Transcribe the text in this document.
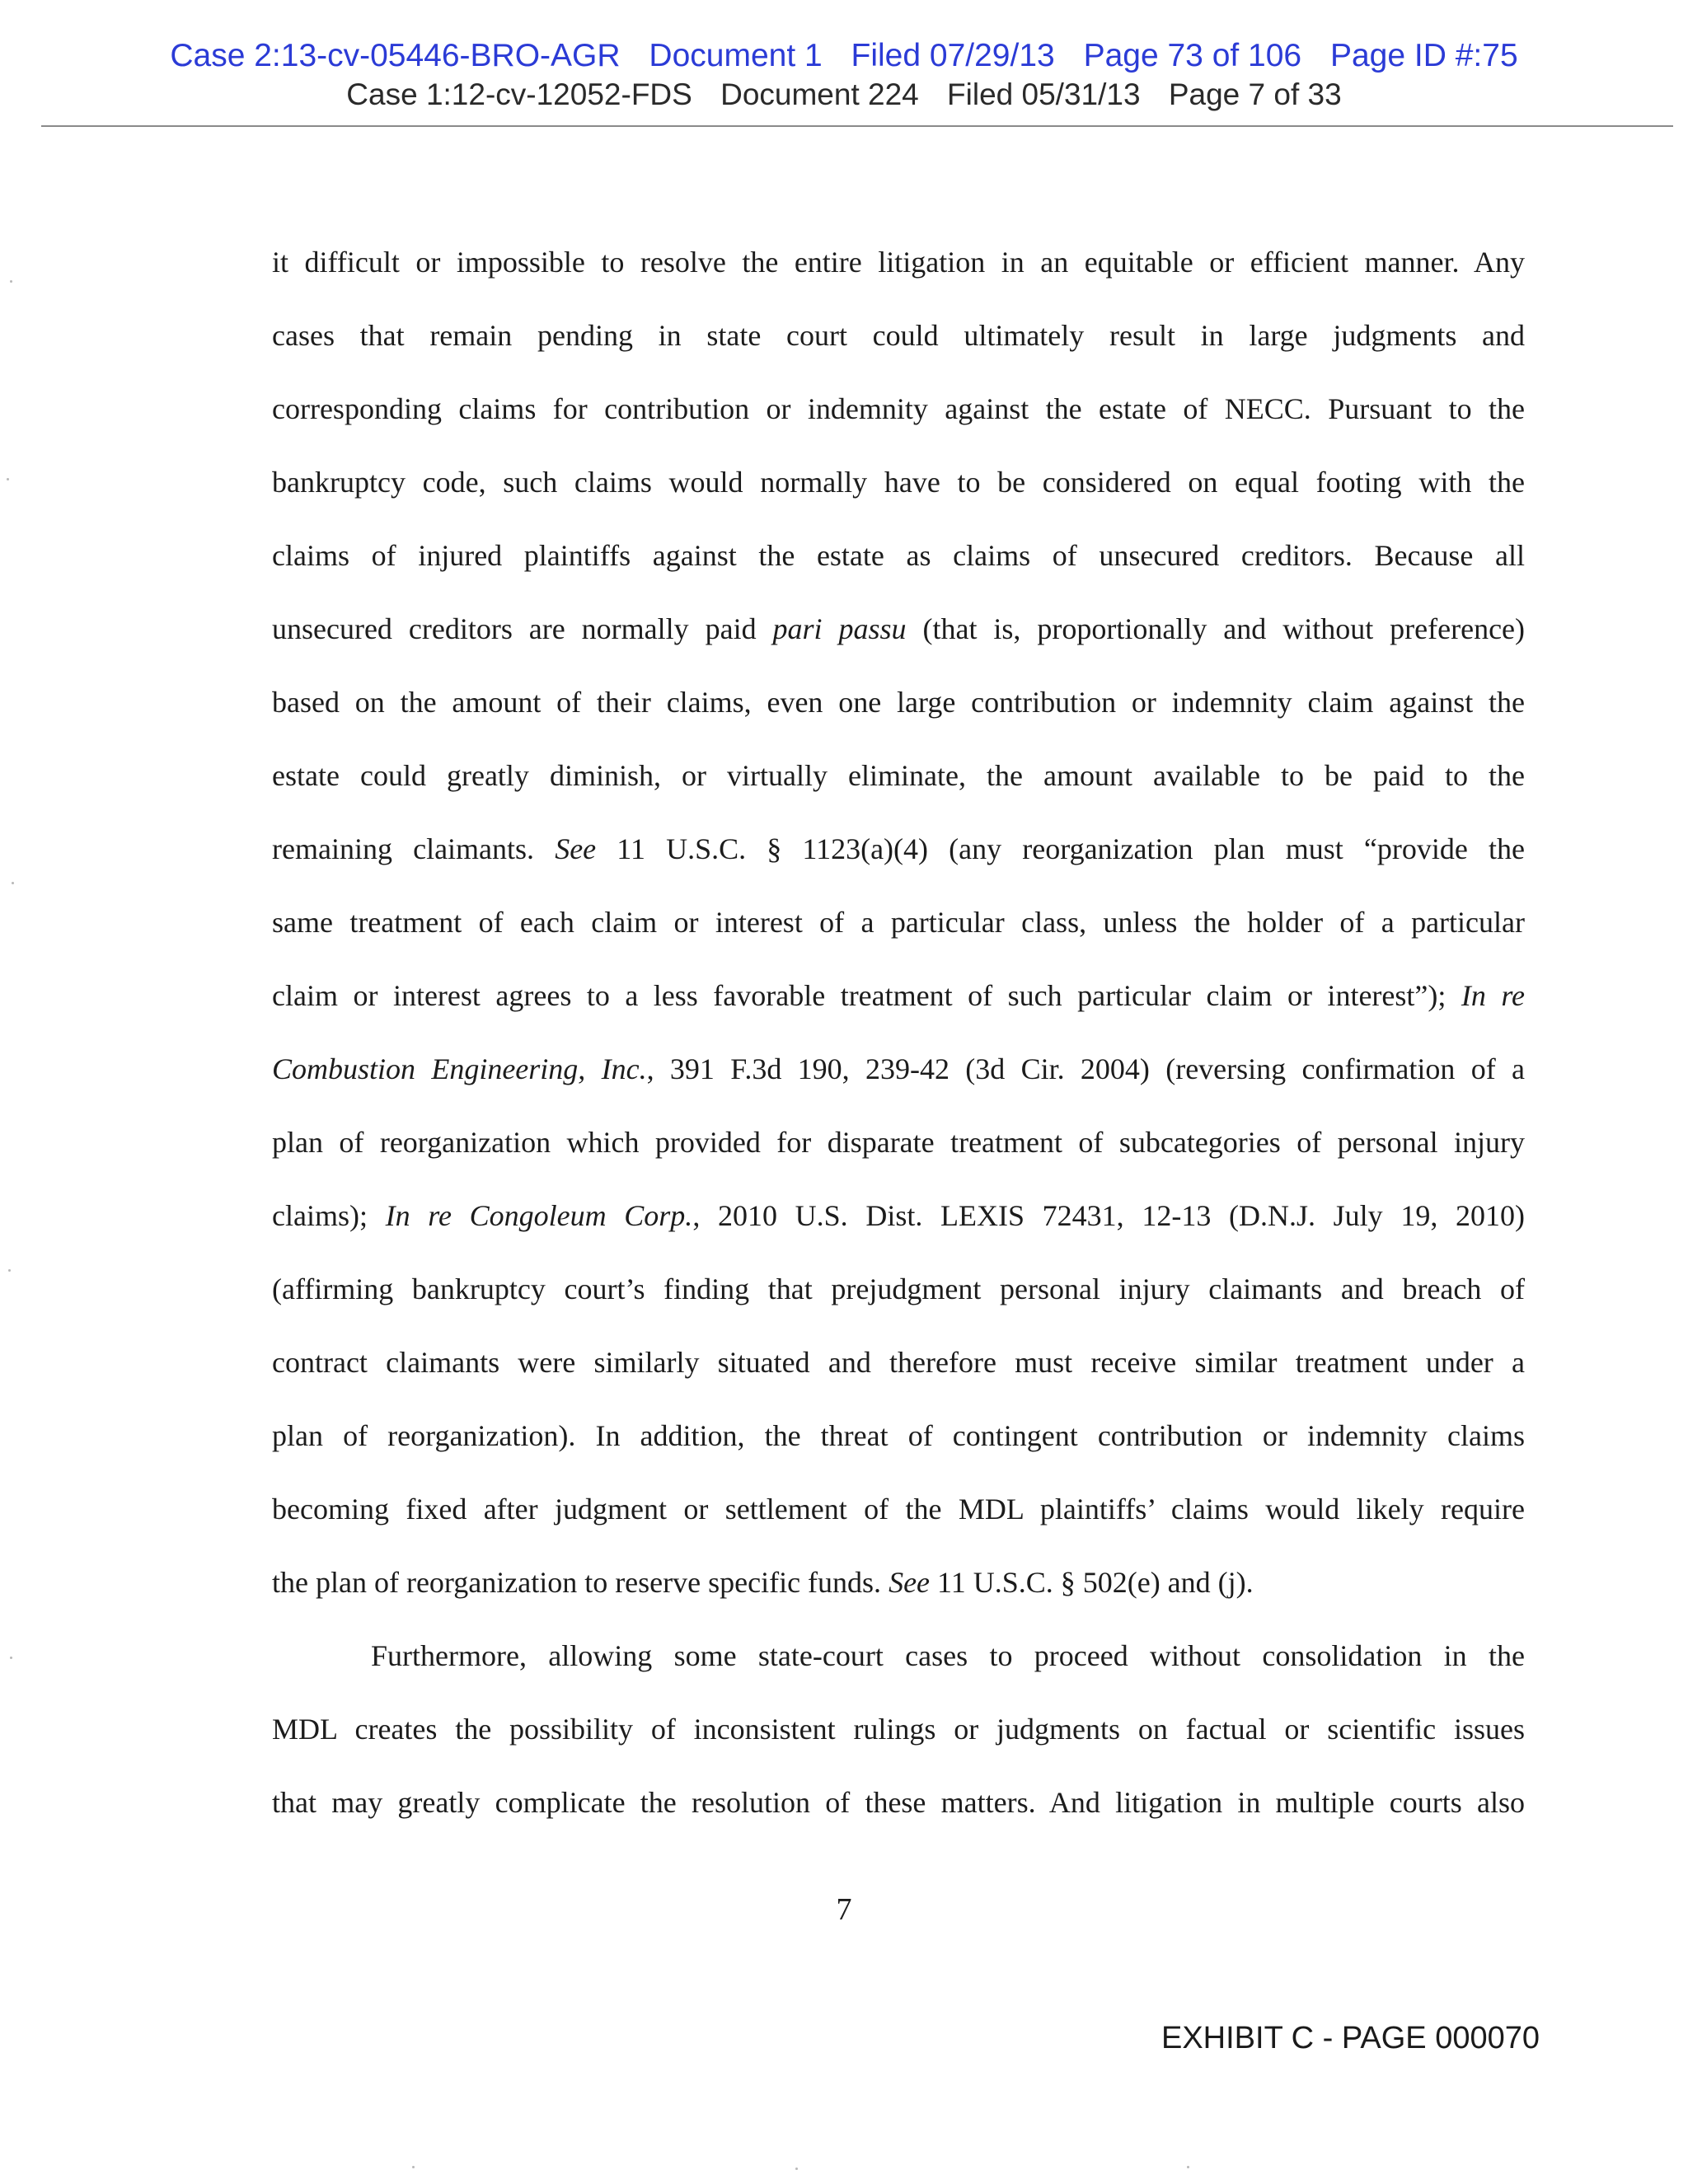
Case 2:13-cv-05446-BRO-AGR Document 1 Filed 07/29/13 Page 73 of 106 Page ID #:75
Case 1:12-cv-12052-FDS Document 224 Filed 05/31/13 Page 7 of 33

it difficult or impossible to resolve the entire litigation in an equitable or efficient manner. Any
cases that remain pending in state court could ultimately result in large judgments and
corresponding claims for contribution or indemnity against the estate of NECC. Pursuant to the
bankruptcy code, such claims would normally have to be considered on equal footing with the
claims of injured plaintiffs against the estate as claims of unsecured creditors. Because all
unsecured creditors are normally paid pari passu (that is, proportionally and without preference)
based on the amount of their claims, even one large contribution or indemnity claim against the
estate could greatly diminish, or virtually eliminate, the amount available to be paid to the
remaining claimants. See 11 U.S.C. § 1123(a)(4) (any reorganization plan must “provide the
same treatment of each claim or interest of a particular class, unless the holder of a particular
claim or interest agrees to a less favorable treatment of such particular claim or interest”); In re
Combustion Engineering, Inc., 391 F.3d 190, 239-42 (3d Cir. 2004) (reversing confirmation of a
plan of reorganization which provided for disparate treatment of subcategories of personal injury
claims); In re Congoleum Corp., 2010 U.S. Dist. LEXIS 72431, 12-13 (D.N.J. July 19, 2010)
(affirming bankruptcy court’s finding that prejudgment personal injury claimants and breach of
contract claimants were similarly situated and therefore must receive similar treatment under a
plan of reorganization). In addition, the threat of contingent contribution or indemnity claims
becoming fixed after judgment or settlement of the MDL plaintiffs’ claims would likely require
the plan of reorganization to reserve specific funds. See 11 U.S.C. § 502(e) and (j).

Furthermore, allowing some state-court cases to proceed without consolidation in the
MDL creates the possibility of inconsistent rulings or judgments on factual or scientific issues
that may greatly complicate the resolution of these matters. And litigation in multiple courts also

7
EXHIBIT C - PAGE 000070
